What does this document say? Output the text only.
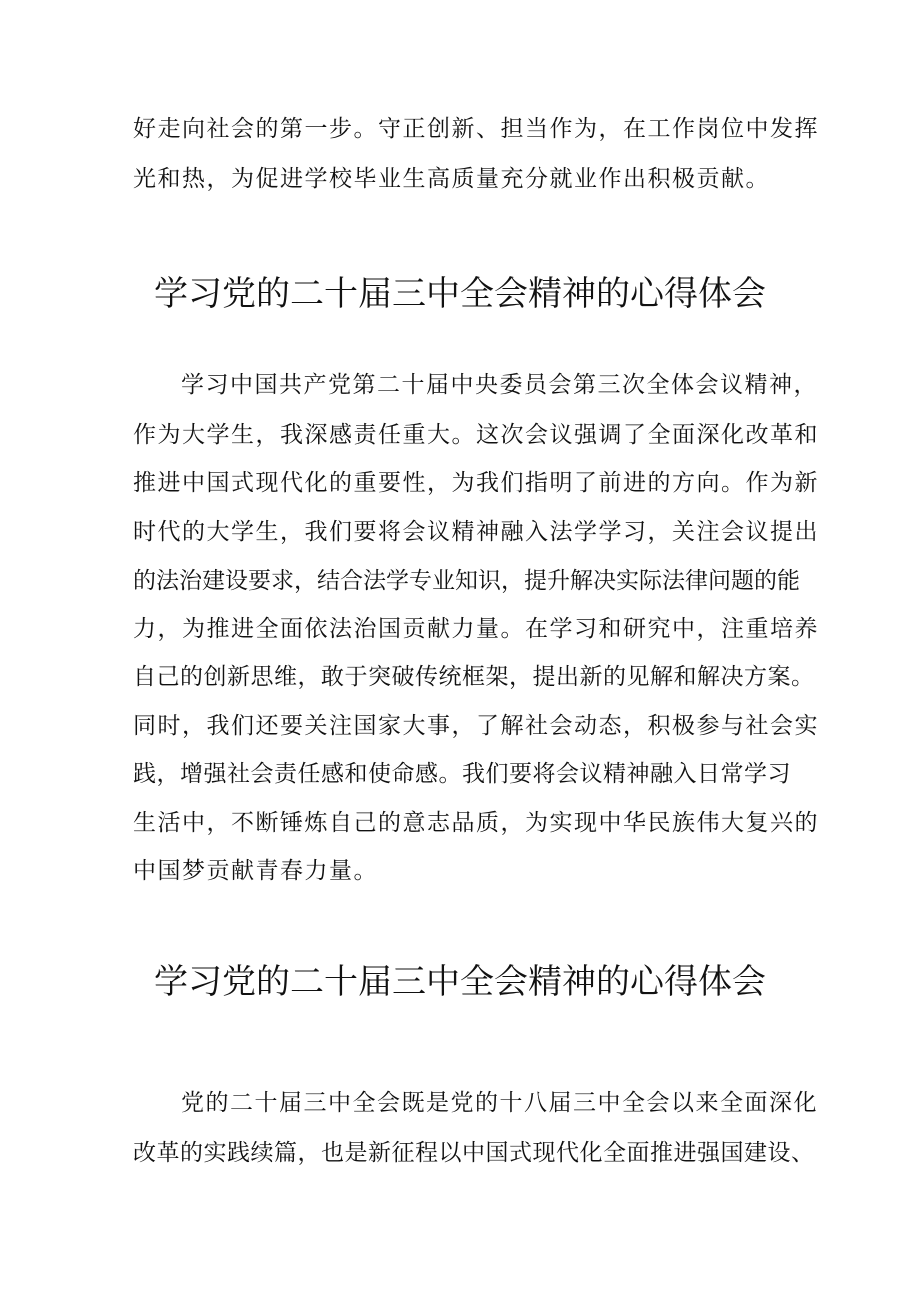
好走向社会的第一步。守正创新、担当作为，在工作岗位中发挥
光和热，为促进学校毕业生高质量充分就业作出积极贡献。
学习党的二十届三中全会精神的心得体会
学习中国共产党第二十届中央委员会第三次全体会议精神，
作为大学生，我深感责任重大。这次会议强调了全面深化改革和
推进中国式现代化的重要性，为我们指明了前进的方向。作为新
时代的大学生，我们要将会议精神融入法学学习，关注会议提出
的法治建设要求，结合法学专业知识，提升解决实际法律问题的能
力，为推进全面依法治国贡献力量。在学习和研究中，注重培养
自己的创新思维，敢于突破传统框架，提出新的见解和解决方案。
同时，我们还要关注国家大事，了解社会动态，积极参与社会实
践，增强社会责任感和使命感。我们要将会议精神融入日常学习
生活中，不断锤炼自己的意志品质，为实现中华民族伟大复兴的
中国梦贡献青春力量。
学习党的二十届三中全会精神的心得体会
党的二十届三中全会既是党的十八届三中全会以来全面深化
改革的实践续篇，也是新征程以中国式现代化全面推进强国建设、
